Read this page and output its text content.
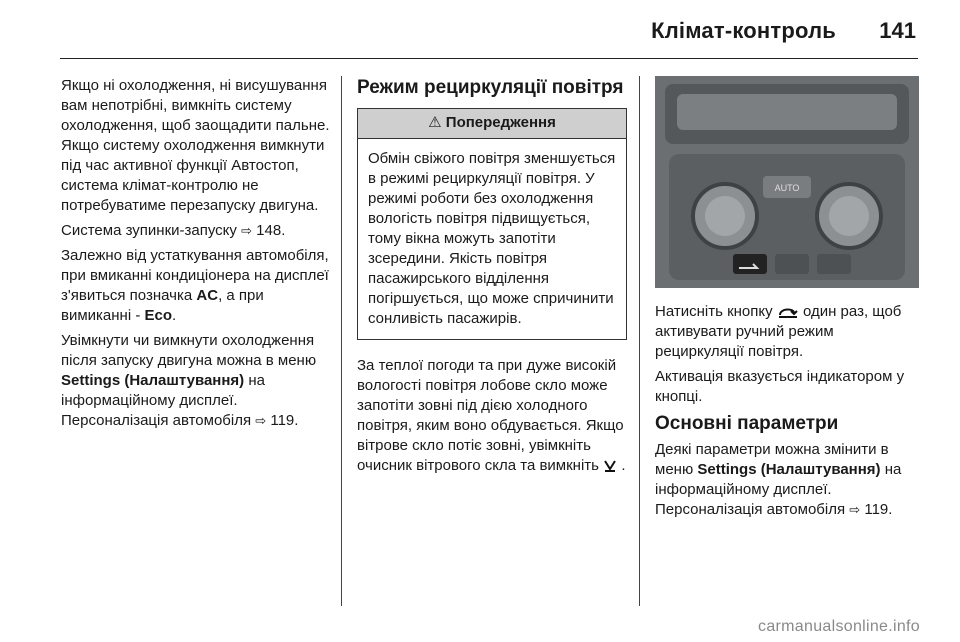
Клімат-контроль 141

Якщо ні охолодження, ні висушування вам непотрібні, вимкніть систему охолодження, щоб заощадити пальне. Якщо систему охолодження вимкнути під час активної функції Автостоп, система клімат-контролю не потребуватиме перезапуску двигуна.

Система зупинки-запуску ⇨ 148.

Залежно від устаткування автомобіля, при вмиканні кондиціонера на дисплеї з'явиться позначка AC, а при вимиканні - Eco.

Увімкнути чи вимкнути охолодження після запуску двигуна можна в меню Settings (Налаштування) на інформаційному дисплеї.
Персоналізація автомобіля ⇨ 119.

Режим рециркуляції повітря
⚠ Попередження
Обмін свіжого повітря зменшується в режимі рециркуляції повітря. У режимі роботи без охолодження вологість повітря підвищується, тому вікна можуть запотіти зсередини. Якість повітря пасажирського відділення погіршується, що може спричинити сонливість пасажирів.

За теплої погоди та при дуже високій вологості повітря лобове скло може запотіти зовні під дією холодного повітря, яким воно обдувається. Якщо вітрове скло потіє зовні, увімкніть очисник вітрового скла та вимкніть .

AUTO

Натисніть кнопку один раз, щоб активувати ручний режим рециркуляції повітря.

Активація вказується індикатором у кнопці.

Основні параметри

Деякі параметри можна змінити в меню Settings (Налаштування) на інформаційному дисплеї.
Персоналізація автомобіля ⇨ 119.

carmanualsonline.info
